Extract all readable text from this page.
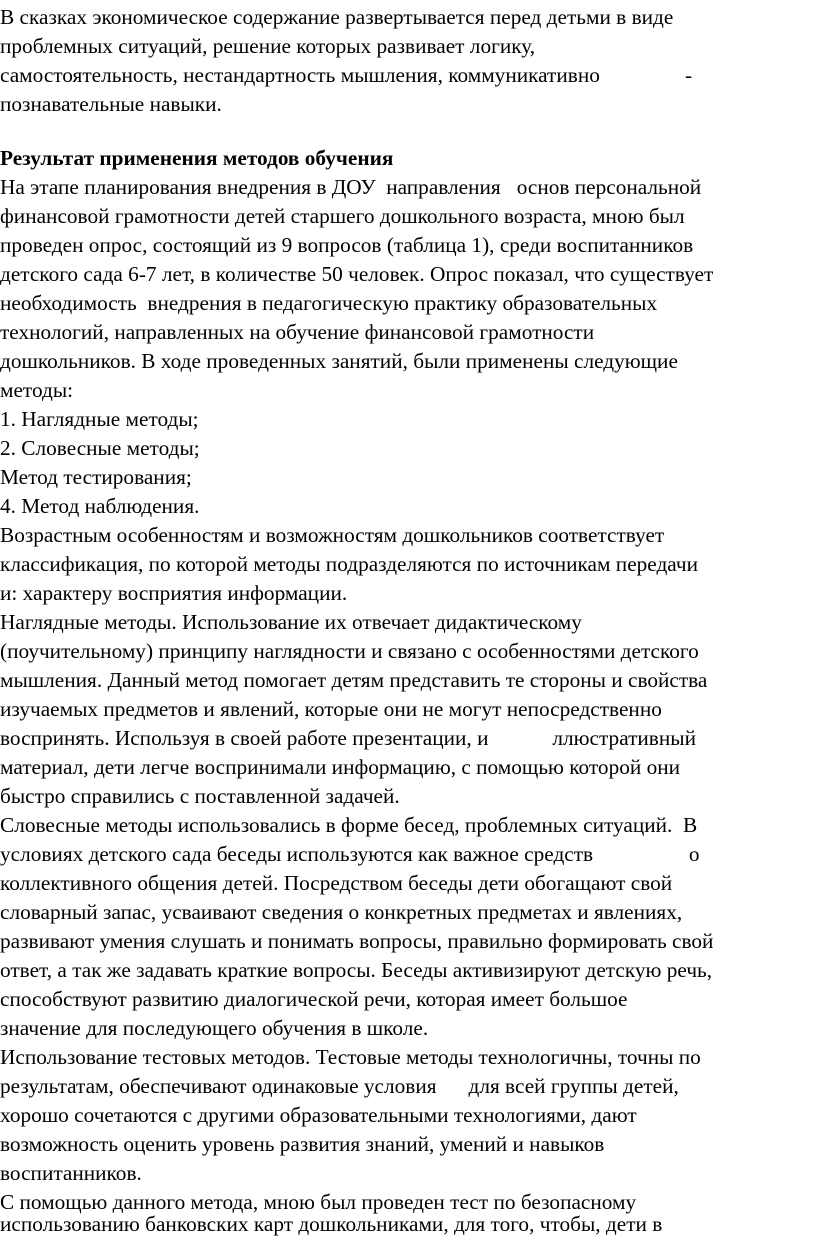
В сказках экономическое содержание развертывается перед детьми в виде
проблемных ситуаций, решение которых развивает логику,
самостоятельность, нестандартность мышления, коммуникативно                -
познавательные навыки.
Результат применения методов обучения
На этапе планирования внедрения в ДОУ  направления   основ персональной
финансовой грамотности детей старшего дошкольного возраста, мною был
проведен опрос, состоящий из 9 вопросов (таблица 1), среди воспитанников
детского сада 6-7 лет, в количестве 50 человек. Опрос показал, что существует
необходимость  внедрения в педагогическую практику образовательных
технологий, направленных на обучение финансовой грамотности
дошкольников. В ходе проведенных занятий, были применены следующие
методы:
1. Наглядные методы;
2. Словесные методы;
Метод тестирования;
4. Метод наблюдения.
Возрастным особенностям и возможностям дошкольников соответствует
классификация, по которой методы подразделяются по источникам передачи
и: характеру восприятия информации.
Наглядные методы. Использование их отвечает дидактическому
(поучительному) принципу наглядности и связано с особенностями детского
мышления. Данный метод помогает детям представить те стороны и свойства
изучаемых предметов и явлений, которые они не могут непосредственно
воспринять. Используя в своей работе презентации, и            ллюстративный
материал, дети легче воспринимали информацию, с помощью которой они
быстро справились с поставленной задачей.
Словесные методы использовались в форме бесед, проблемных ситуаций.  В
условиях детского сада беседы используются как важное средств                  о
коллективного общения детей. Посредством беседы дети обогащают свой
словарный запас, усваивают сведения о конкретных предметах и явлениях,
развивают умения слушать и понимать вопросы, правильно формировать свой
ответ, а так же задавать краткие вопросы. Беседы активизируют детскую речь,
способствуют развитию диалогической речи, которая имеет большое
значение для последующего обучения в школе.
Использование тестовых методов. Тестовые методы технологичны, точны по
результатам, обеспечивают одинаковые условия      для всей группы детей,
хорошо сочетаются с другими образовательными технологиями, дают
возможность оценить уровень развития знаний, умений и навыков
воспитанников.
С помощью данного метода, мною был проведен тест по безопасному
использованию банковских карт дошкольниками, для того, чтобы, дети в
